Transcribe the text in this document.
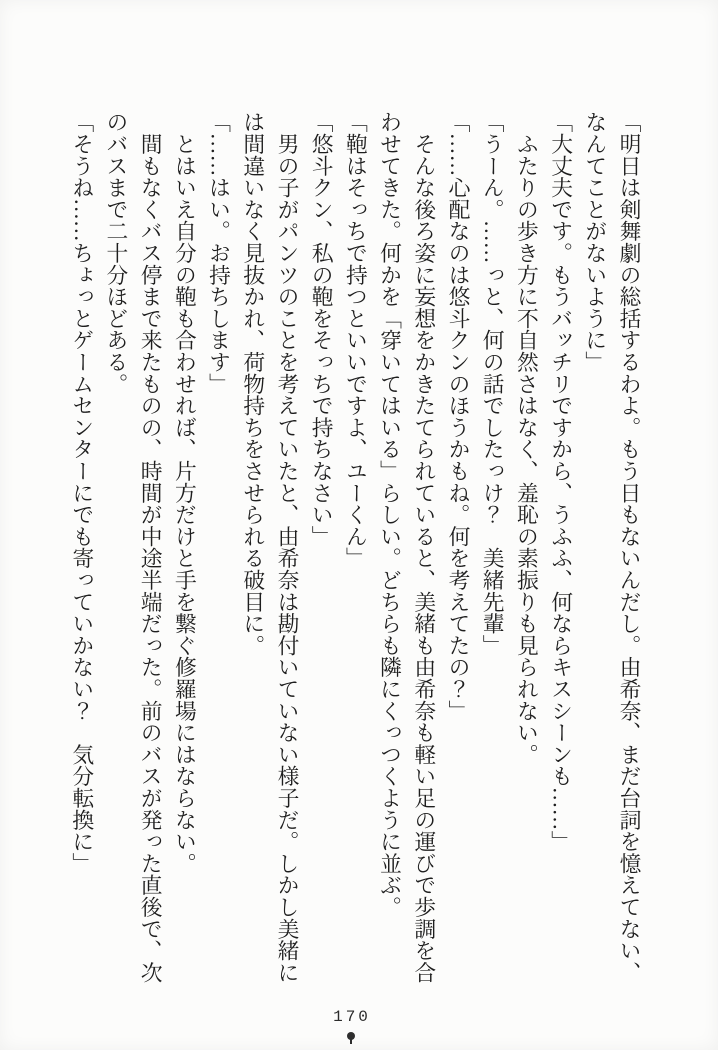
「明日は剣舞劇の総括するわよ。もう日もないんだし。由希奈、まだ台詞を憶えてない、なんてことがないように」

「大丈夫です。もうバッチリですから、うふふ、何ならキスシーンも……」

　ふたりの歩き方に不自然さはなく、羞恥の素振りも見られない。

「うーん。……っと、何の話でしたっけ？　美緒先輩」

「……心配なのは悠斗クンのほうかもね。何を考えてたの？」

　そんな後ろ姿に妄想をかきたてられていると、美緒も由希奈も軽い足の運びで歩調を合わせてきた。何かを「穿いてはいる」らしい。どちらも隣にくっつくように並ぶ。

「鞄はそっちで持つといいですよ、ユーくん」

「悠斗クン、私の鞄をそっちで持ちなさい」

　男の子がパンツのことを考えていたと、由希奈は勘付いていない様子だ。しかし美緒には間違いなく見抜かれ、荷物持ちをさせられる破目に。

「……はい。お持ちします」

　とはいえ自分の鞄も合わせれば、片方だけと手を繋ぐ修羅場にはならない。

　間もなくバス停まで来たものの、時間が中途半端だった。前のバスが発った直後で、次のバスまで二十分ほどある。

「そうね……ちょっとゲームセンターにでも寄っていかない？　気分転換に」

170
